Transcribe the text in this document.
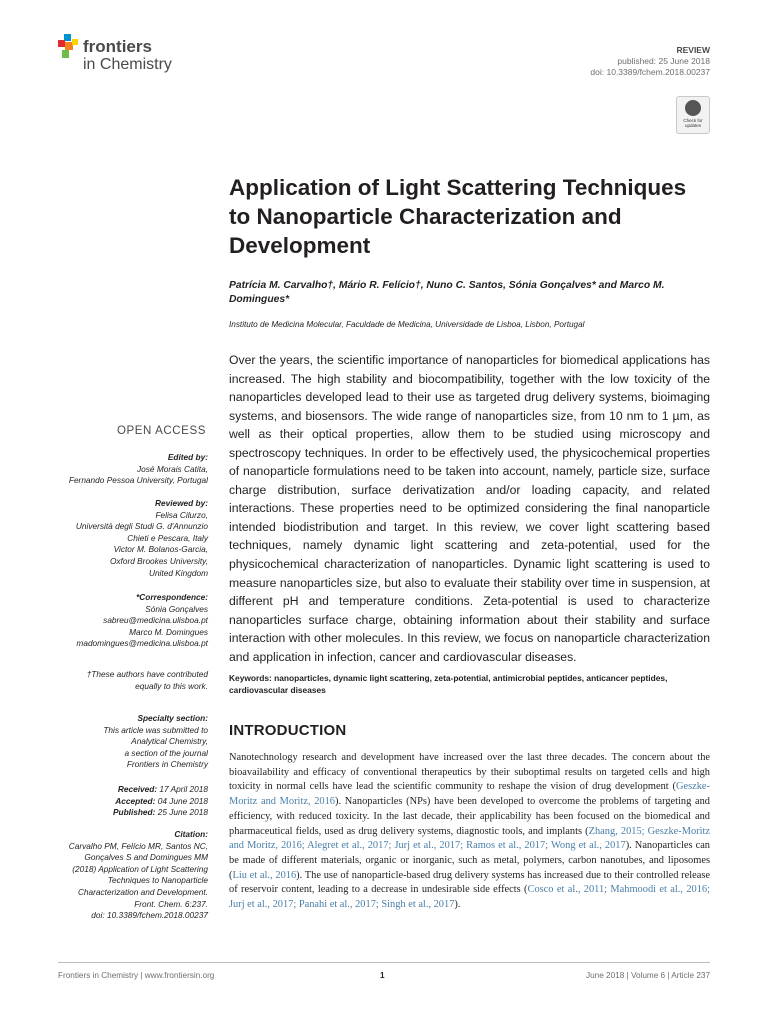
frontiers
in Chemistry
REVIEW
published: 25 June 2018
doi: 10.3389/fchem.2018.00237
Check for updates
Application of Light Scattering Techniques to Nanoparticle Characterization and Development
Patrícia M. Carvalho†, Mário R. Felício†, Nuno C. Santos, Sónia Gonçalves* and Marco M. Domingues*
Instituto de Medicina Molecular, Faculdade de Medicina, Universidade de Lisboa, Lisbon, Portugal
Over the years, the scientific importance of nanoparticles for biomedical applications has increased. The high stability and biocompatibility, together with the low toxicity of the nanoparticles developed lead to their use as targeted drug delivery systems, bioimaging systems, and biosensors. The wide range of nanoparticles size, from 10 nm to 1 µm, as well as their optical properties, allow them to be studied using microscopy and spectroscopy techniques. In order to be effectively used, the physicochemical properties of nanoparticle formulations need to be taken into account, namely, particle size, surface charge distribution, surface derivatization and/or loading capacity, and related interactions. These properties need to be optimized considering the final nanoparticle intended biodistribution and target. In this review, we cover light scattering based techniques, namely dynamic light scattering and zeta-potential, used for the physicochemical characterization of nanoparticles. Dynamic light scattering is used to measure nanoparticles size, but also to evaluate their stability over time in suspension, at different pH and temperature conditions. Zeta-potential is used to characterize nanoparticles surface charge, obtaining information about their stability and surface interaction with other molecules. In this review, we focus on nanoparticle characterization and application in infection, cancer and cardiovascular diseases.
Keywords: nanoparticles, dynamic light scattering, zeta-potential, antimicrobial peptides, anticancer peptides, cardiovascular diseases
INTRODUCTION
Nanotechnology research and development have increased over the last three decades. The concern about the bioavailability and efficacy of conventional therapeutics by their suboptimal results on targeted cells and high toxicity in normal cells have lead the scientific community to reshape the vision of drug development (Geszke-Moritz and Moritz, 2016). Nanoparticles (NPs) have been developed to overcome the problems of targeting and efficiency, with reduced toxicity. In the last decade, their applicability has been focused on the biomedical and pharmaceutical fields, used as drug delivery systems, diagnostic tools, and implants (Zhang, 2015; Geszke-Moritz and Moritz, 2016; Alegret et al., 2017; Jurj et al., 2017; Ramos et al., 2017; Wong et al., 2017). Nanoparticles can be made of different materials, organic or inorganic, such as metal, polymers, carbon nanotubes, and liposomes (Liu et al., 2016). The use of nanoparticle-based drug delivery systems has increased due to their controlled release of reservoir content, leading to a decrease in undesirable side effects (Cosco et al., 2011; Mahmoodi et al., 2016; Jurj et al., 2017; Panahi et al., 2017; Singh et al., 2017).
OPEN ACCESS
Edited by:
José Morais Catita,
Fernando Pessoa University, Portugal
Reviewed by:
Felisa Cilurzo,
Università degli Studi G. d'Annunzio
Chieti e Pescara, Italy
Victor M. Bolanos-Garcia,
Oxford Brookes University,
United Kingdom
*Correspondence:
Sónia Gonçalves
sabreu@medicina.ulisboa.pt
Marco M. Domingues
madomingues@medicina.ulisboa.pt
†These authors have contributed
equally to this work.
Specialty section:
This article was submitted to
Analytical Chemistry,
a section of the journal
Frontiers in Chemistry
Received: 17 April 2018
Accepted: 04 June 2018
Published: 25 June 2018
Citation:
Carvalho PM, Felício MR, Santos NC,
Gonçalves S and Domingues MM
(2018) Application of Light Scattering
Techniques to Nanoparticle
Characterization and Development.
Front. Chem. 6:237.
doi: 10.3389/fchem.2018.00237
Frontiers in Chemistry | www.frontiersin.org	1	June 2018 | Volume 6 | Article 237
